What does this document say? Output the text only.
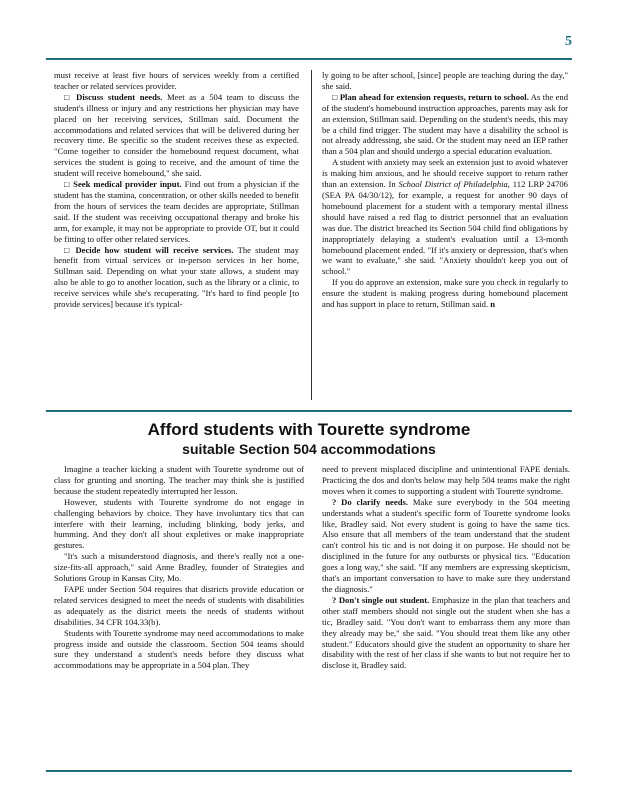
5

must receive at least five hours of services weekly from a certified teacher or related services provider.

□ Discuss student needs. Meet as a 504 team to discuss the student's illness or injury and any restrictions her physician may have placed on her receiving services, Stillman said. Document the accommodations and related services that will be delivered during her recovery time. Be specific so the student receives these as expected. "Come together to consider the homebound request document, what services the student is going to receive, and the amount of time the student will receive homebound," she said.

□ Seek medical provider input. Find out from a physician if the student has the stamina, concentration, or other skills needed to benefit from the hours of services the team decides are appropriate, Stillman said. If the student was receiving occupational therapy and broke his arm, for example, it may not be appropriate to provide OT, but it could be fitting to offer other related services.

□ Decide how student will receive services. The student may benefit from virtual services or in-person services in her home, Stillman said. Depending on what your state allows, a student may also be able to go to another location, such as the library or a clinic, to receive services while she's recuperating. "It's hard to find people [to provide services] because it's typical-

ly going to be after school, [since] people are teaching during the day," she said.

□ Plan ahead for extension requests, return to school. As the end of the student's homebound instruction approaches, parents may ask for an extension, Stillman said. Depending on the student's needs, this may be a child find trigger. The student may have a disability the school is not already addressing, she said. Or the student may need an IEP rather than a 504 plan and should undergo a special education evaluation.

A student with anxiety may seek an extension just to avoid whatever is making him anxious, and he should receive support to return rather than an extension. In School District of Philadelphia, 112 LRP 24706 (SEA PA 04/30/12), for example, a request for another 90 days of homebound placement for a student with a temporary mental illness should have raised a red flag to district personnel that an evaluation was due. The district breached its Section 504 child find obligations by inappropriately delaying a student's evaluation until a 13-month homebound placement ended. "If it's anxiety or depression, that's when we want to evaluate," she said. "Anxiety shouldn't keep you out of school."

If you do approve an extension, make sure you check in regularly to ensure the student is making progress during homebound placement and has support in place to return, Stillman said. n

Afford students with Tourette syndrome
suitable Section 504 accommodations

Imagine a teacher kicking a student with Tourette syndrome out of class for grunting and snorting. The teacher may think she is justified because the student repeatedly interrupted her lesson.

However, students with Tourette syndrome do not engage in challenging behaviors by choice. They have involuntary tics that can interfere with their learning, including blinking, body jerks, and humming. And they don't all shout expletives or make inappropriate gestures.

"It's such a misunderstood diagnosis, and there's really not a one-size-fits-all approach," said Anne Bradley, founder of Strategies and Solutions Group in Kansas City, Mo.

FAPE under Section 504 requires that districts provide education or related services designed to meet the needs of students with disabilities as adequately as the district meets the needs of students without disabilities. 34 CFR 104.33(b).

Students with Tourette syndrome may need accommodations to make progress inside and outside the classroom. Section 504 teams should sure they understand a student's needs before they discuss what accommodations may be appropriate in a 504 plan. They

need to prevent misplaced discipline and unintentional FAPE denials. Practicing the dos and don'ts below may help 504 teams make the right moves when it comes to supporting a student with Tourette syndrome.

? Do clarify needs. Make sure everybody in the 504 meeting understands what a student's specific form of Tourette syndrome looks like, Bradley said. Not every student is going to have the same tics. Also ensure that all members of the team understand that the student can't control his tic and is not doing it on purpose. He should not be disciplined in the future for any outbursts or physical tics. "Education goes a long way," she said. "If any members are expressing skepticism, that's an important conversation to have to make sure they understand the diagnosis."

? Don't single out student. Emphasize in the plan that teachers and other staff members should not single out the student when she has a tic, Bradley said. "You don't want to embarrass them any more than they already may be," she said. "You should treat them like any other student." Educators should give the student an opportunity to share her disability with the rest of her class if she wants to but not require her to disclose it, Bradley said.
